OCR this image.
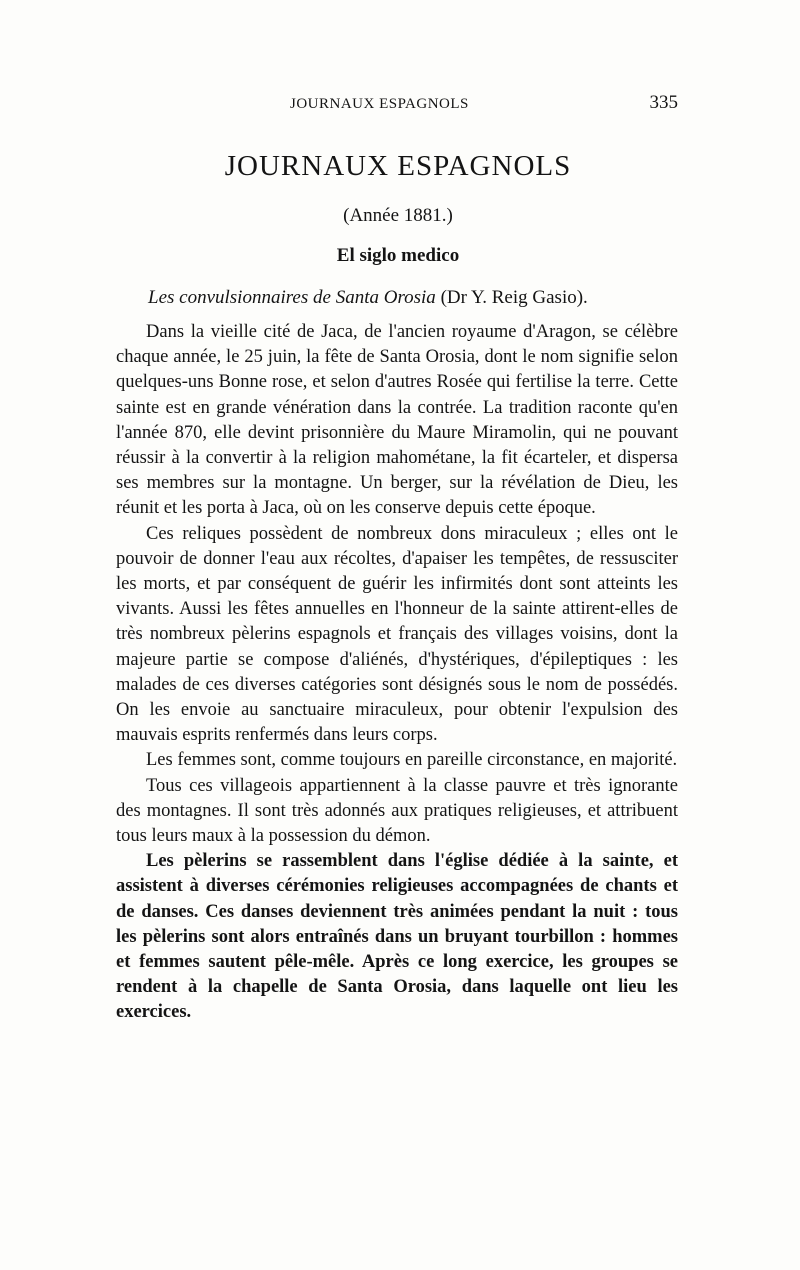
JOURNAUX ESPAGNOLS	335
JOURNAUX ESPAGNOLS
(Année 1881.)
El siglo medico
Les convulsionnaires de Santa Orosia (Dr Y. Reig Gasio).

Dans la vieille cité de Jaca, de l'ancien royaume d'Aragon, se célèbre chaque année, le 25 juin, la fête de Santa Orosia, dont le nom signifie selon quelques-uns Bonne rose, et selon d'autres Rosée qui fertilise la terre. Cette sainte est en grande vénération dans la contrée. La tradition raconte qu'en l'année 870, elle devint prisonnière du Maure Miramolin, qui ne pouvant réussir à la convertir à la religion mahométane, la fit écarteler, et dispersa ses membres sur la montagne. Un berger, sur la révélation de Dieu, les réunit et les porta à Jaca, où on les conserve depuis cette époque.

Ces reliques possèdent de nombreux dons miraculeux ; elles ont le pouvoir de donner l'eau aux récoltes, d'apaiser les tempêtes, de ressusciter les morts, et par conséquent de guérir les infirmités dont sont atteints les vivants. Aussi les fêtes annuelles en l'honneur de la sainte attirent-elles de très nombreux pèlerins espagnols et français des villages voisins, dont la majeure partie se compose d'aliénés, d'hystériques, d'épileptiques : les malades de ces diverses catégories sont désignés sous le nom de possédés. On les envoie au sanctuaire miraculeux, pour obtenir l'expulsion des mauvais esprits renfermés dans leurs corps.

Les femmes sont, comme toujours en pareille circonstance, en majorité.

Tous ces villageois appartiennent à la classe pauvre et très ignorante des montagnes. Il sont très adonnés aux pratiques religieuses, et attribuent tous leurs maux à la possession du démon.

Les pèlerins se rassemblent dans l'église dédiée à la sainte, et assistent à diverses cérémonies religieuses accompagnées de chants et de danses. Ces danses deviennent très animées pendant la nuit : tous les pèlerins sont alors entraînés dans un bruyant tourbillon : hommes et femmes sautent pêle-mêle. Après ce long exercice, les groupes se rendent à la chapelle de Santa Orosia, dans laquelle ont lieu les exercices.
